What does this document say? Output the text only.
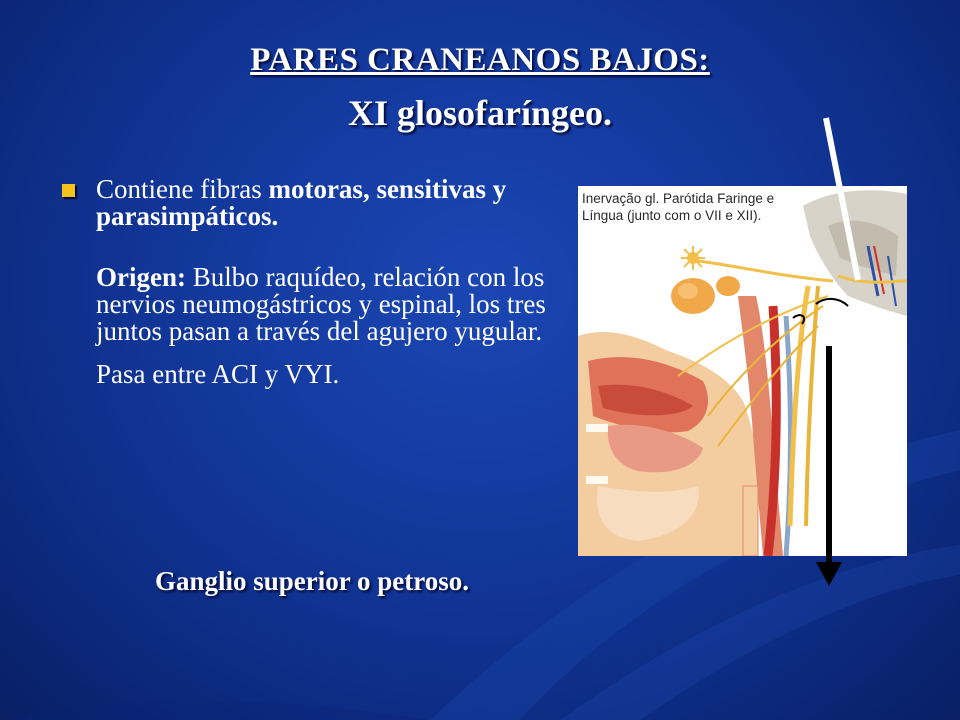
PARES CRANEANOS BAJOS:
XI glosofaríngeo.
Contiene fibras motoras, sensitivas y parasimpáticos.
Origen: Bulbo raquídeo, relación con los nervios neumogástricos y espinal, los tres juntos pasan a través del agujero yugular.
Pasa entre ACI y VYI.
Ganglio superior o petroso.
Inervação gl. Parótida Faringe e Língua (junto com o VII e XII).
